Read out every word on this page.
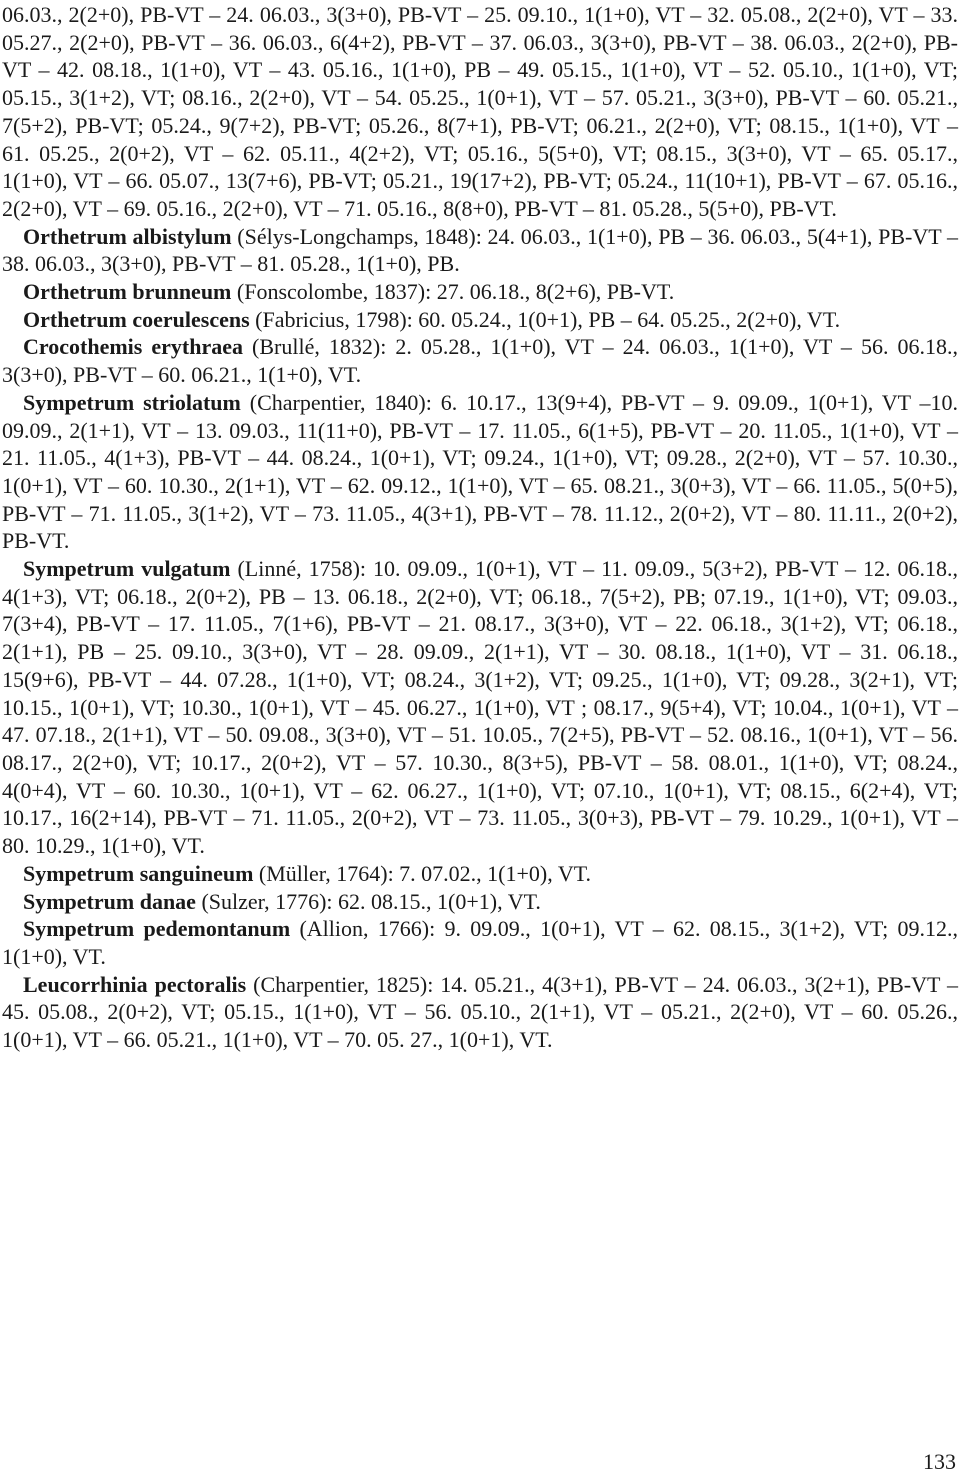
06.03., 2(2+0), PB-VT – 24. 06.03., 3(3+0), PB-VT – 25. 09.10., 1(1+0), VT – 32. 05.08., 2(2+0), VT – 33. 05.27., 2(2+0), PB-VT – 36. 06.03., 6(4+2), PB-VT – 37. 06.03., 3(3+0), PB-VT – 38. 06.03., 2(2+0), PB-VT – 42. 08.18., 1(1+0), VT – 43. 05.16., 1(1+0), PB – 49. 05.15., 1(1+0), VT – 52. 05.10., 1(1+0), VT; 05.15., 3(1+2), VT; 08.16., 2(2+0), VT – 54. 05.25., 1(0+1), VT – 57. 05.21., 3(3+0), PB-VT – 60. 05.21., 7(5+2), PB-VT; 05.24., 9(7+2), PB-VT; 05.26., 8(7+1), PB-VT; 06.21., 2(2+0), VT; 08.15., 1(1+0), VT – 61. 05.25., 2(0+2), VT – 62. 05.11., 4(2+2), VT; 05.16., 5(5+0), VT; 08.15., 3(3+0), VT – 65. 05.17., 1(1+0), VT – 66. 05.07., 13(7+6), PB-VT; 05.21., 19(17+2), PB-VT; 05.24., 11(10+1), PB-VT – 67. 05.16., 2(2+0), VT – 69. 05.16., 2(2+0), VT – 71. 05.16., 8(8+0), PB-VT – 81. 05.28., 5(5+0), PB-VT.

Orthetrum albistylum (Sélys-Longchamps, 1848): 24. 06.03., 1(1+0), PB – 36. 06.03., 5(4+1), PB-VT – 38. 06.03., 3(3+0), PB-VT – 81. 05.28., 1(1+0), PB.

Orthetrum brunneum (Fonscolombe, 1837): 27. 06.18., 8(2+6), PB-VT.

Orthetrum coerulescens (Fabricius, 1798): 60. 05.24., 1(0+1), PB – 64. 05.25., 2(2+0), VT.

Crocothemis erythraea (Brullé, 1832): 2. 05.28., 1(1+0), VT – 24. 06.03., 1(1+0), VT – 56. 06.18., 3(3+0), PB-VT – 60. 06.21., 1(1+0), VT.

Sympetrum striolatum (Charpentier, 1840): 6. 10.17., 13(9+4), PB-VT – 9. 09.09., 1(0+1), VT –10. 09.09., 2(1+1), VT – 13. 09.03., 11(11+0), PB-VT – 17. 11.05., 6(1+5), PB-VT – 20. 11.05., 1(1+0), VT – 21. 11.05., 4(1+3), PB-VT – 44. 08.24., 1(0+1), VT; 09.24., 1(1+0), VT; 09.28., 2(2+0), VT – 57. 10.30., 1(0+1), VT – 60. 10.30., 2(1+1), VT – 62. 09.12., 1(1+0), VT – 65. 08.21., 3(0+3), VT – 66. 11.05., 5(0+5), PB-VT – 71. 11.05., 3(1+2), VT – 73. 11.05., 4(3+1), PB-VT – 78. 11.12., 2(0+2), VT – 80. 11.11., 2(0+2), PB-VT.

Sympetrum vulgatum (Linné, 1758): 10. 09.09., 1(0+1), VT – 11. 09.09., 5(3+2), PB-VT – 12. 06.18., 4(1+3), VT; 06.18., 2(0+2), PB – 13. 06.18., 2(2+0), VT; 06.18., 7(5+2), PB; 07.19., 1(1+0), VT; 09.03., 7(3+4), PB-VT – 17. 11.05., 7(1+6), PB-VT – 21. 08.17., 3(3+0), VT – 22. 06.18., 3(1+2), VT; 06.18., 2(1+1), PB – 25. 09.10., 3(3+0), VT – 28. 09.09., 2(1+1), VT – 30. 08.18., 1(1+0), VT – 31. 06.18., 15(9+6), PB-VT – 44. 07.28., 1(1+0), VT; 08.24., 3(1+2), VT; 09.25., 1(1+0), VT; 09.28., 3(2+1), VT; 10.15., 1(0+1), VT; 10.30., 1(0+1), VT – 45. 06.27., 1(1+0), VT ; 08.17., 9(5+4), VT; 10.04., 1(0+1), VT – 47. 07.18., 2(1+1), VT – 50. 09.08., 3(3+0), VT – 51. 10.05., 7(2+5), PB-VT – 52. 08.16., 1(0+1), VT – 56. 08.17., 2(2+0), VT; 10.17., 2(0+2), VT – 57. 10.30., 8(3+5), PB-VT – 58. 08.01., 1(1+0), VT; 08.24., 4(0+4), VT – 60. 10.30., 1(0+1), VT – 62. 06.27., 1(1+0), VT; 07.10., 1(0+1), VT; 08.15., 6(2+4), VT; 10.17., 16(2+14), PB-VT – 71. 11.05., 2(0+2), VT – 73. 11.05., 3(0+3), PB-VT – 79. 10.29., 1(0+1), VT – 80. 10.29., 1(1+0), VT.

Sympetrum sanguineum (Müller, 1764): 7. 07.02., 1(1+0), VT.

Sympetrum danae (Sulzer, 1776): 62. 08.15., 1(0+1), VT.

Sympetrum pedemontanum (Allion, 1766): 9. 09.09., 1(0+1), VT – 62. 08.15., 3(1+2), VT; 09.12., 1(1+0), VT.

Leucorrhinia pectoralis (Charpentier, 1825): 14. 05.21., 4(3+1), PB-VT – 24. 06.03., 3(2+1), PB-VT – 45. 05.08., 2(0+2), VT; 05.15., 1(1+0), VT – 56. 05.10., 2(1+1), VT – 05.21., 2(2+0), VT – 60. 05.26., 1(0+1), VT – 66. 05.21., 1(1+0), VT – 70. 05. 27., 1(0+1), VT.

133
